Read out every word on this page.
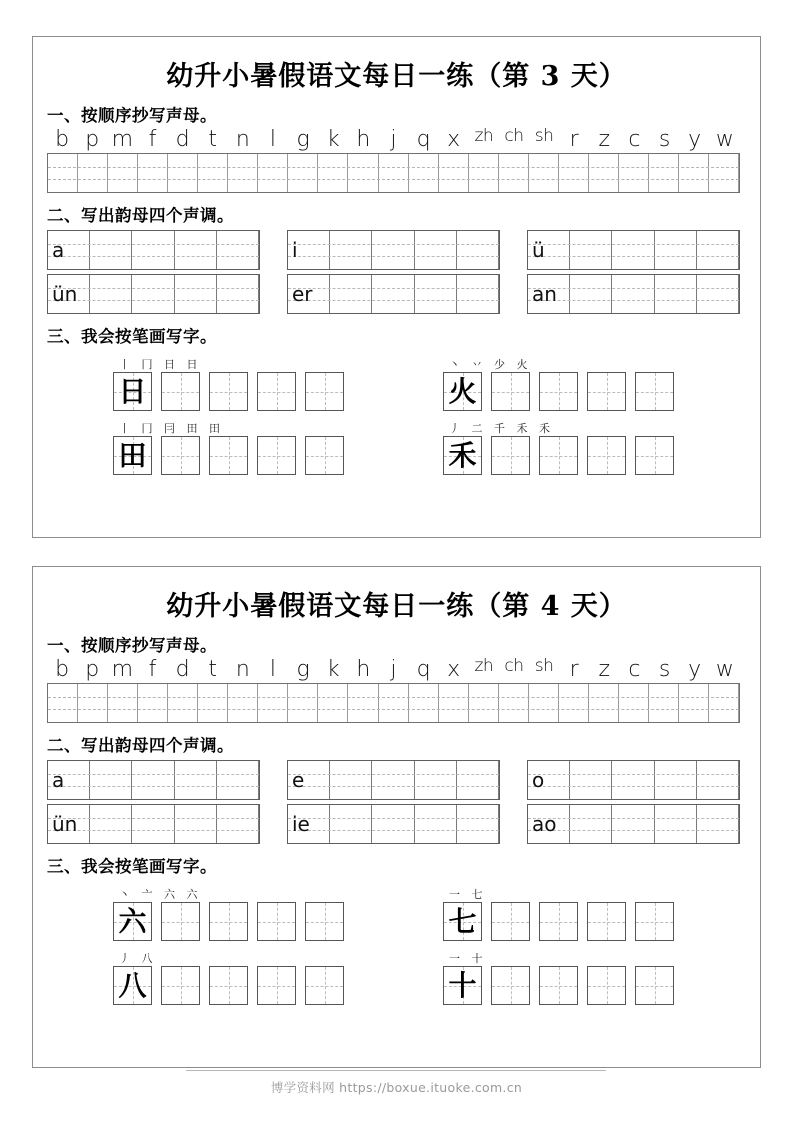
幼升小暑假语文每日一练（第 3 天）
一、按顺序抄写声母。
b p m f d t n l g k h j q x zh ch sh r z c s y w
二、写出韵母四个声调。
a	i	ü
ün	er	an
三、我会按笔画写字。
丨 冂 日 日
日
丶 丷 少 火
火
丨 冂 冃 田 田
田
丿 二 千 禾 禾
禾
幼升小暑假语文每日一练（第 4 天）
一、按顺序抄写声母。
b p m f d t n l g k h j q x zh ch sh r z c s y w
二、写出韵母四个声调。
a	e	o
ün	ie	ao
三、我会按笔画写字。
丶 亠 六 六
六
一 七
七
丿 八
八
一 十
十
博学资料网 https://boxue.ituoke.com.cn
